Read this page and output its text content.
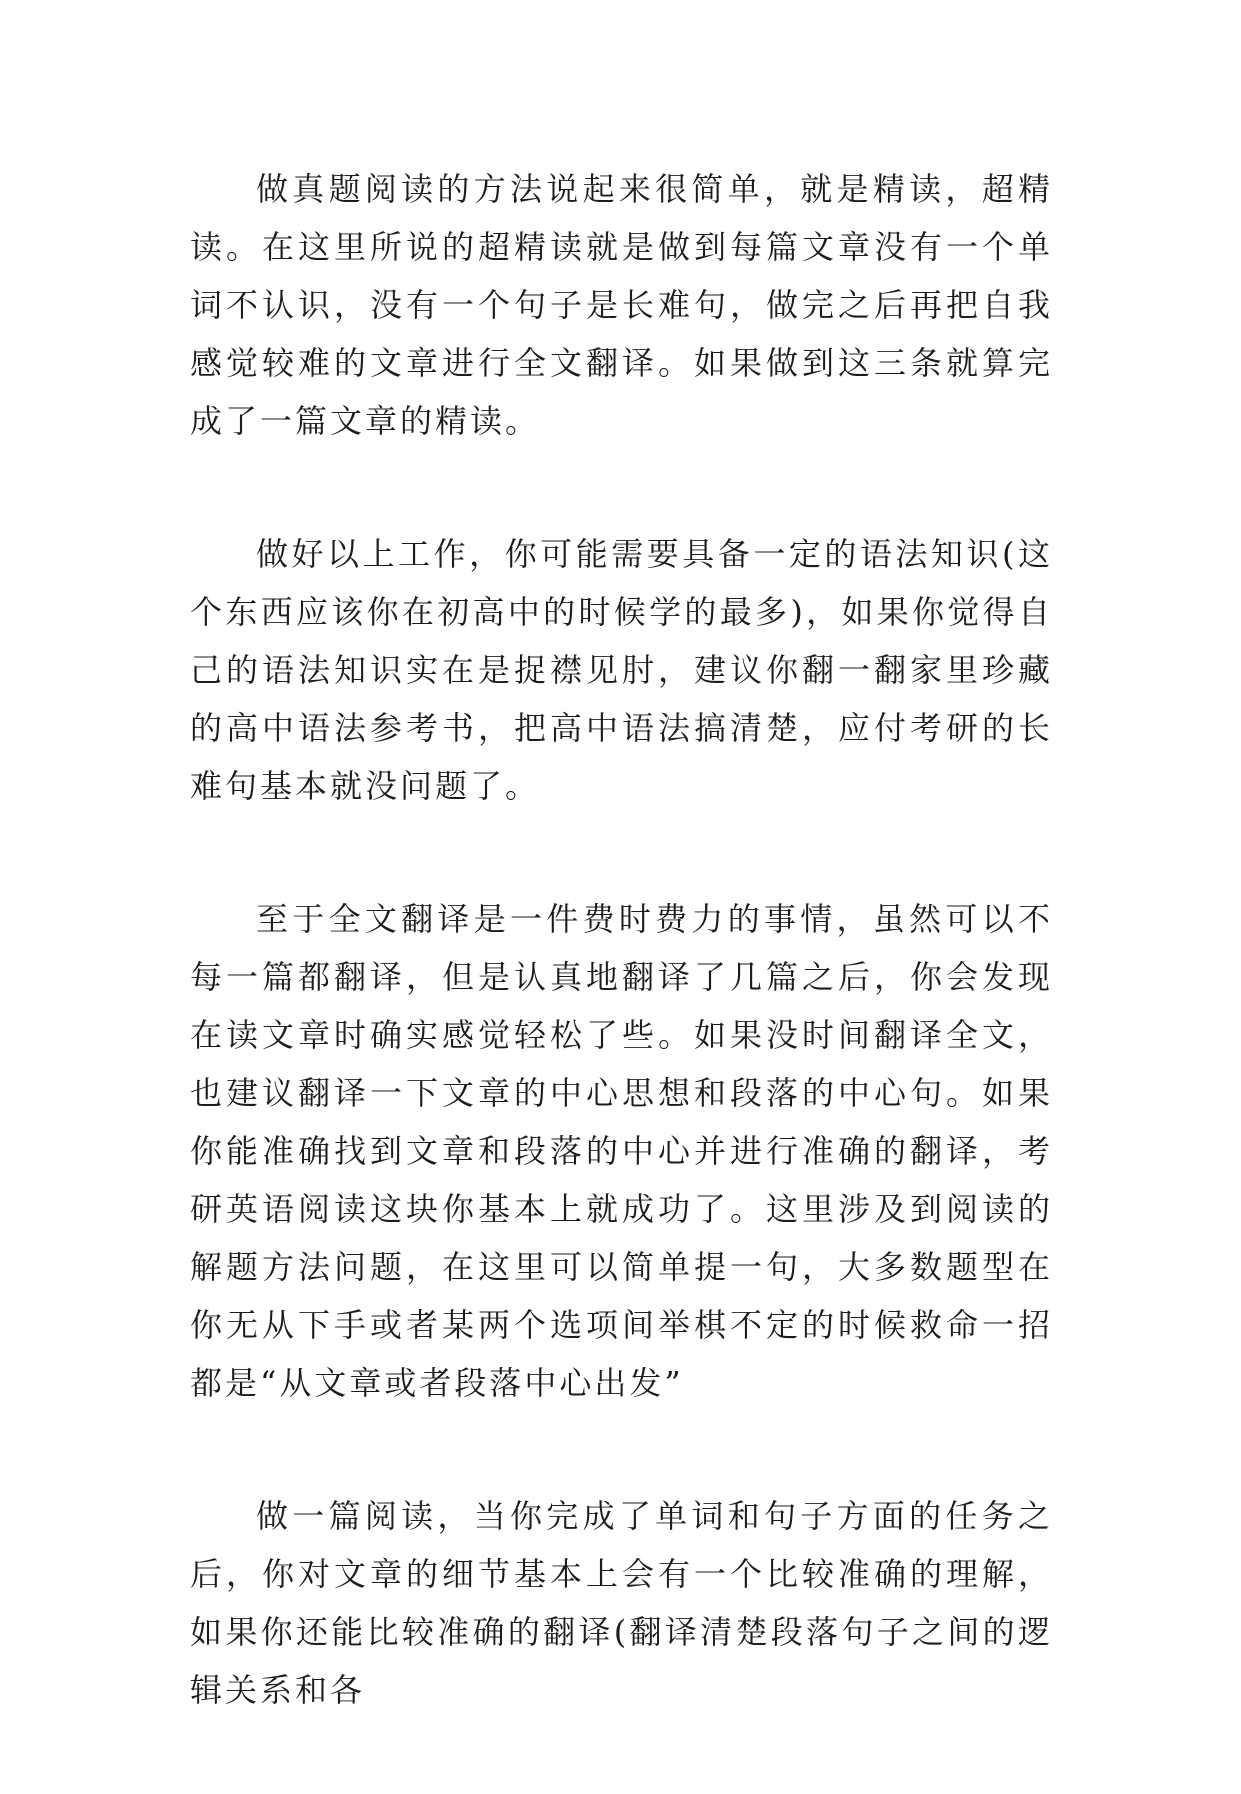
做真题阅读的方法说起来很简单，就是精读，超精读。在这里所说的超精读就是做到每篇文章没有一个单词不认识，没有一个句子是长难句，做完之后再把自我感觉较难的文章进行全文翻译。如果做到这三条就算完成了一篇文章的精读。

做好以上工作，你可能需要具备一定的语法知识(这个东西应该你在初高中的时候学的最多)，如果你觉得自己的语法知识实在是捉襟见肘，建议你翻一翻家里珍藏的高中语法参考书，把高中语法搞清楚，应付考研的长难句基本就没问题了。

至于全文翻译是一件费时费力的事情，虽然可以不每一篇都翻译，但是认真地翻译了几篇之后，你会发现在读文章时确实感觉轻松了些。如果没时间翻译全文，也建议翻译一下文章的中心思想和段落的中心句。如果你能准确找到文章和段落的中心并进行准确的翻译，考研英语阅读这块你基本上就成功了。这里涉及到阅读的解题方法问题，在这里可以简单提一句，大多数题型在你无从下手或者某两个选项间举棋不定的时候救命一招都是“从文章或者段落中心出发”

做一篇阅读，当你完成了单词和句子方面的任务之后，你对文章的细节基本上会有一个比较准确的理解，如果你还能比较准确的翻译(翻译清楚段落句子之间的逻辑关系和各
